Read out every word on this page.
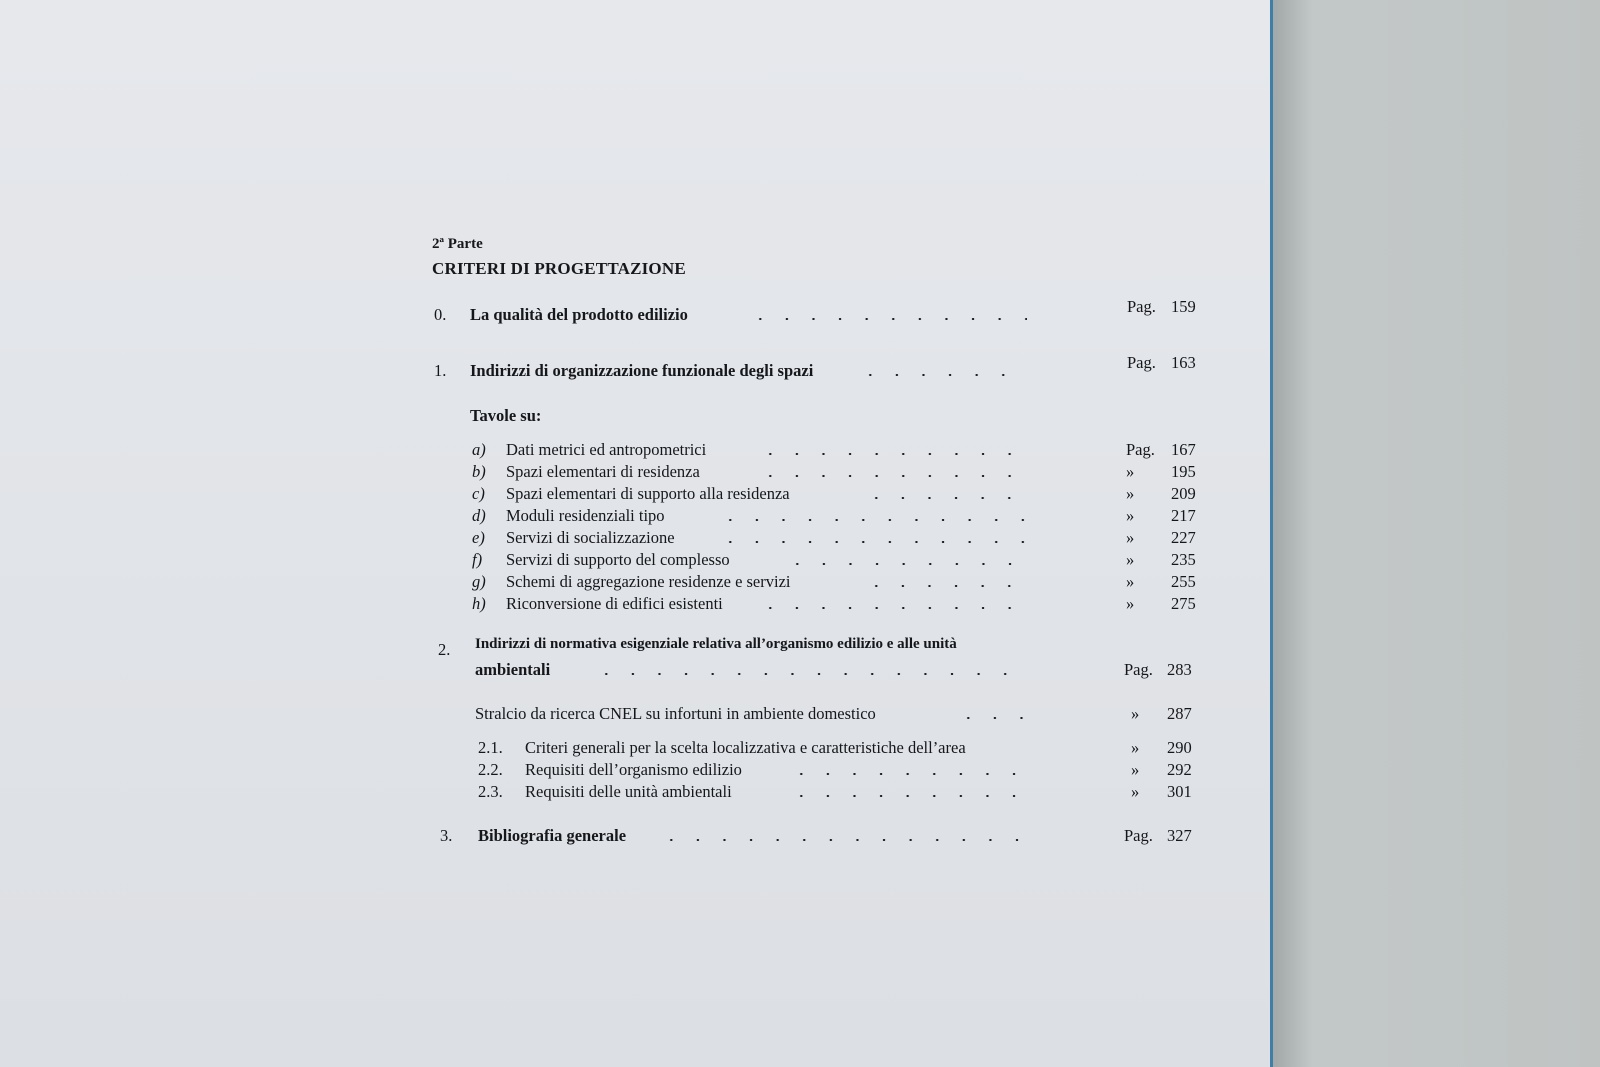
2ª Parte
CRITERI DI PROGETTAZIONE
0. La qualità del prodotto edilizio	Pag. 159
1. Indirizzi di organizzazione funzionale degli spazi	Pag. 163
Tavole su:
a) Dati metrici ed antropometrici	Pag. 167
b) Spazi elementari di residenza	» 195
c) Spazi elementari di supporto alla residenza	» 209
d) Moduli residenziali tipo	» 217
e) Servizi di socializzazione	» 227
f) Servizi di supporto del complesso	» 235
g) Schemi di aggregazione residenze e servizi	» 255
h) Riconversione di edifici esistenti	» 275
2. Indirizzi di normativa esigenziale relativa all’organismo edilizio e alle unità
ambientali	Pag. 283
Stralcio da ricerca CNEL su infortuni in ambiente domestico	» 287
2.1. Criteri generali per la scelta localizzativa e caratteristiche dell’area	» 290
2.2. Requisiti dell’organismo edilizio	» 292
2.3. Requisiti delle unità ambientali	» 301
3. Bibliografia generale	Pag. 327
